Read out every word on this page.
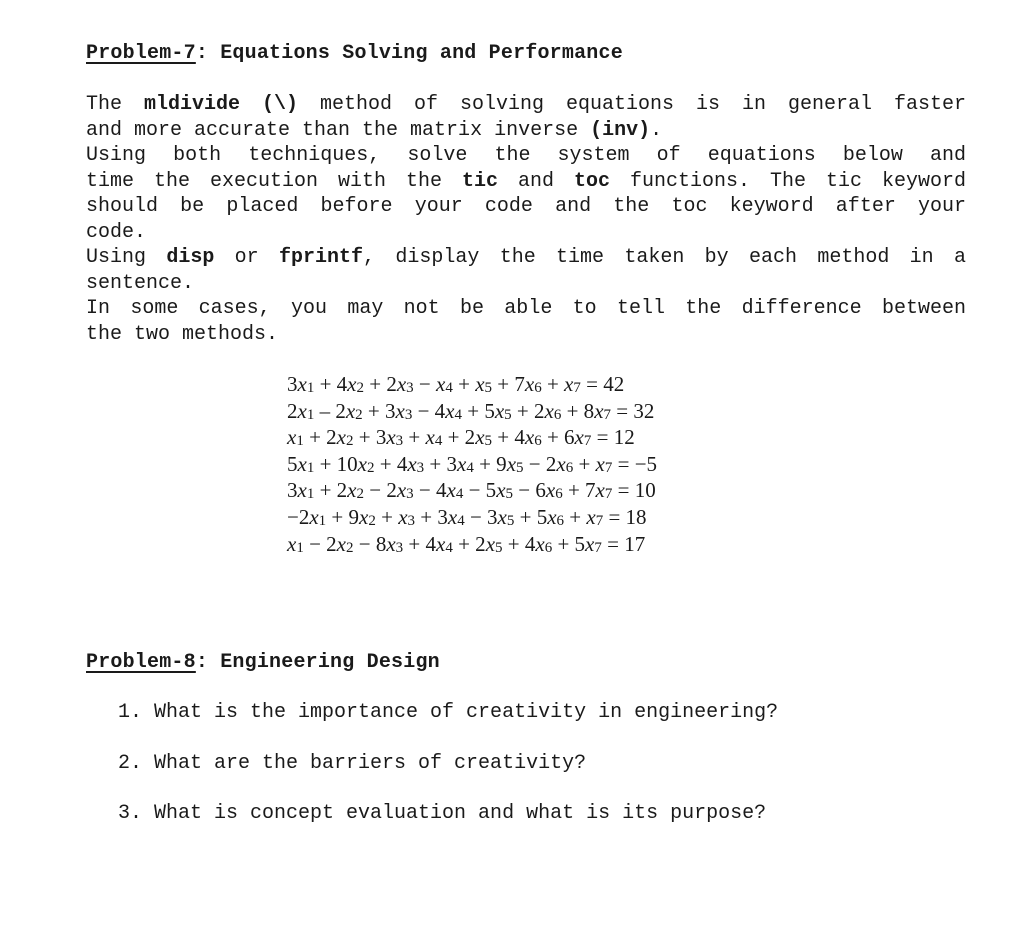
Problem-7: Equations Solving and Performance
The mldivide (\) method of solving equations is in general faster
and more accurate than the matrix inverse (inv).
Using both techniques, solve the system of equations below and
time the execution with the tic and toc functions. The tic keyword
should be placed before your code and the toc keyword after your
code.
Using disp or fprintf, display the time taken by each method in a
sentence.
In some cases, you may not be able to tell the difference between
the two methods.
$3x_1 + 4x_2 + 2x_3 - x_4 + x_5 + 7x_6 + x_7 = 42$
$2x_1 - 2x_2 + 3x_3 - 4x_4 + 5x_5 + 2x_6 + 8x_7 = 32$
$x_1 + 2x_2 + 3x_3 + x_4 + 2x_5 + 4x_6 + 6x_7 = 12$
$5x_1 + 10x_2 + 4x_3 + 3x_4 + 9x_5 - 2x_6 + x_7 = -5$
$3x_1 + 2x_2 - 2x_3 - 4x_4 - 5x_5 - 6x_6 + 7x_7 = 10$
$-2x_1 + 9x_2 + x_3 + 3x_4 - 3x_5 + 5x_6 + x_7 = 18$
$x_1 - 2x_2 - 8x_3 + 4x_4 + 2x_5 + 4x_6 + 5x_7 = 17$
Problem-8: Engineering Design
1. What is the importance of creativity in engineering?
2. What are the barriers of creativity?
3. What is concept evaluation and what is its purpose?
